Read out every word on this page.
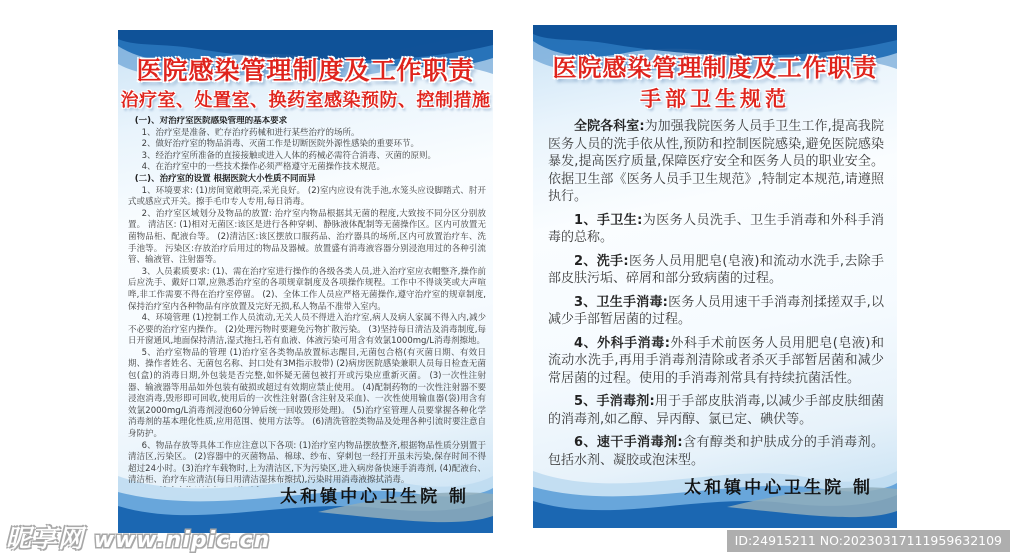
医院感染管理制度及工作职责
治疗室、处置室、换药室感染预防、控制措施

(一)、对治疗室医院感染管理的基本要求

1、治疗室是准备、贮存治疗药械和进行某些治疗的场所。

2、做好治疗室的物品消毒、灭菌工作是切断医院外源性感染的重要环节。

3、经治疗室所准备的直接接触或进入人体的药械必需符合消毒、灭菌的原则。

4、在治疗室中的一些技术操作必须严格遵守无菌操作技术规范。

(二)、治疗室的设置 根据医院大小性质不同而异

1、环境要求: (1)房间宽敞明亮,采光良好。 (2)室内应设有洗手池,水笼头应设脚踏式、肘开式或感应式开关。擦手毛巾专人专用,每日消毒。

2、治疗室区域划分及物品的放置: 治疗室内物品根据其无菌的程度,大致按不同分区分别放置。 清洁区: (1)相对无菌区:该区是进行各种穿刺、静脉液体配制等无菌操作区。区内可放置无菌物品柜、配液台等。 (2)清洁区:该区摆放口服药品、治疗器具的场所,区内可放置治疗车、洗手池等。 污染区:存放治疗后用过的物品及器械。放置盛有消毒液容器分别浸泡用过的各种引流管、输液管、注射器等。

3、人员素质要求: (1)、需在治疗室进行操作的各级各类人员,进入治疗室应衣帽整齐,操作前后应洗手、戴好口罩,应熟悉治疗室的各项规章制度及各项操作规程。工作中不得谈笑或大声喧哗,非工作需要不得在治疗室停留。 (2)、全体工作人员应严格无菌操作,遵守治疗室的规章制度,保持治疗室内各种物品有序放置及完好无损,私人物品不准带入室内。

4、环境管理 (1)控制工作人员流动,无关人员不得进入治疗室,病人及病人家属不得入内,减少不必要的治疗室内操作。 (2)处理污物时要避免污物扩散污染。 (3)坚持每日清洁及消毒制度,每日开窗通风,地面保持清洁,湿式拖扫,若有血液、体液污染可用含有效氯1000mg/L消毒剂擦地。

5、治疗室物品的管理 (1)治疗室各类物品放置标志醒目,无菌包合格(有灭菌日期、有效日期、操作者姓名、无菌包名称、封口处有3M指示胶带) (2)病房医院感染兼职人员每日检查无菌包(盒)的消毒日期,外包装是否完整,如怀疑无菌包被打开或污染应重新灭菌。 (3)一次性注射器、输液器等用品如外包装有破损或超过有效期应禁止使用。 (4)配制药物的一次性注射器不要浸泡消毒,毁形即可回收,使用后的一次性注射器(含注射及采血)、一次性使用输血器(袋)用含有效氯2000mg/L消毒剂浸泡60分钟后统一回收毁形处理)。 (5)治疗室管理人员要掌握各种化学消毒剂的基本理化性质,应用范围、使用方法等。 (6)清洗管腔类物品及处理各种引流时要注意自身防护。

6、物品存放等具体工作应注意以下各项: (1)治疗室内物品摆放整齐,根据物品性质分别置于清洁区,污染区。 (2)容器中的灭菌物品、棉球、纱布、穿刺包一经打开虽未污染,保存时间不得超过24小时。(3)治疗车载物时,上为清洁区,下为污染区,进入病房备快速手消毒剂, (4)配液台、清洁柜、治疗车应清洁(每日用清洁湿抹布擦拭),污染时用消毒液擦拭消毒。

太和镇中心卫生院 制
医院感染管理制度及工作职责
手部卫生规范

全院各科室:为加强我院医务人员手卫生工作,提高我院医务人员的洗手依从性,预防和控制医院感染,避免医院感染暴发,提高医疗质量,保障医疗安全和医务人员的职业安全。依据卫生部《医务人员手卫生规范》,特制定本规范,请遵照执行。

1、手卫生:为医务人员洗手、卫生手消毒和外科手消毒的总称。

2、洗手:医务人员用肥皂(皂液)和流动水洗手,去除手部皮肤污垢、碎屑和部分致病菌的过程。

3、卫生手消毒:医务人员用速干手消毒剂揉搓双手,以减少手部暂居菌的过程。

4、外科手消毒:外科手术前医务人员用肥皂(皂液)和流动水洗手,再用手消毒剂清除或者杀灭手部暂居菌和减少常居菌的过程。使用的手消毒剂常具有持续抗菌活性。

5、手消毒剂:用于手部皮肤消毒,以减少手部皮肤细菌的消毒剂,如乙醇、异丙醇、氯已定、碘伏等。

6、速干手消毒剂:含有醇类和护肤成分的手消毒剂。包括水剂、凝胶或泡沫型。

太和镇中心卫生院 制
昵享网 www.nipic.cn	ID:24915211 NO:20230317111959632109
